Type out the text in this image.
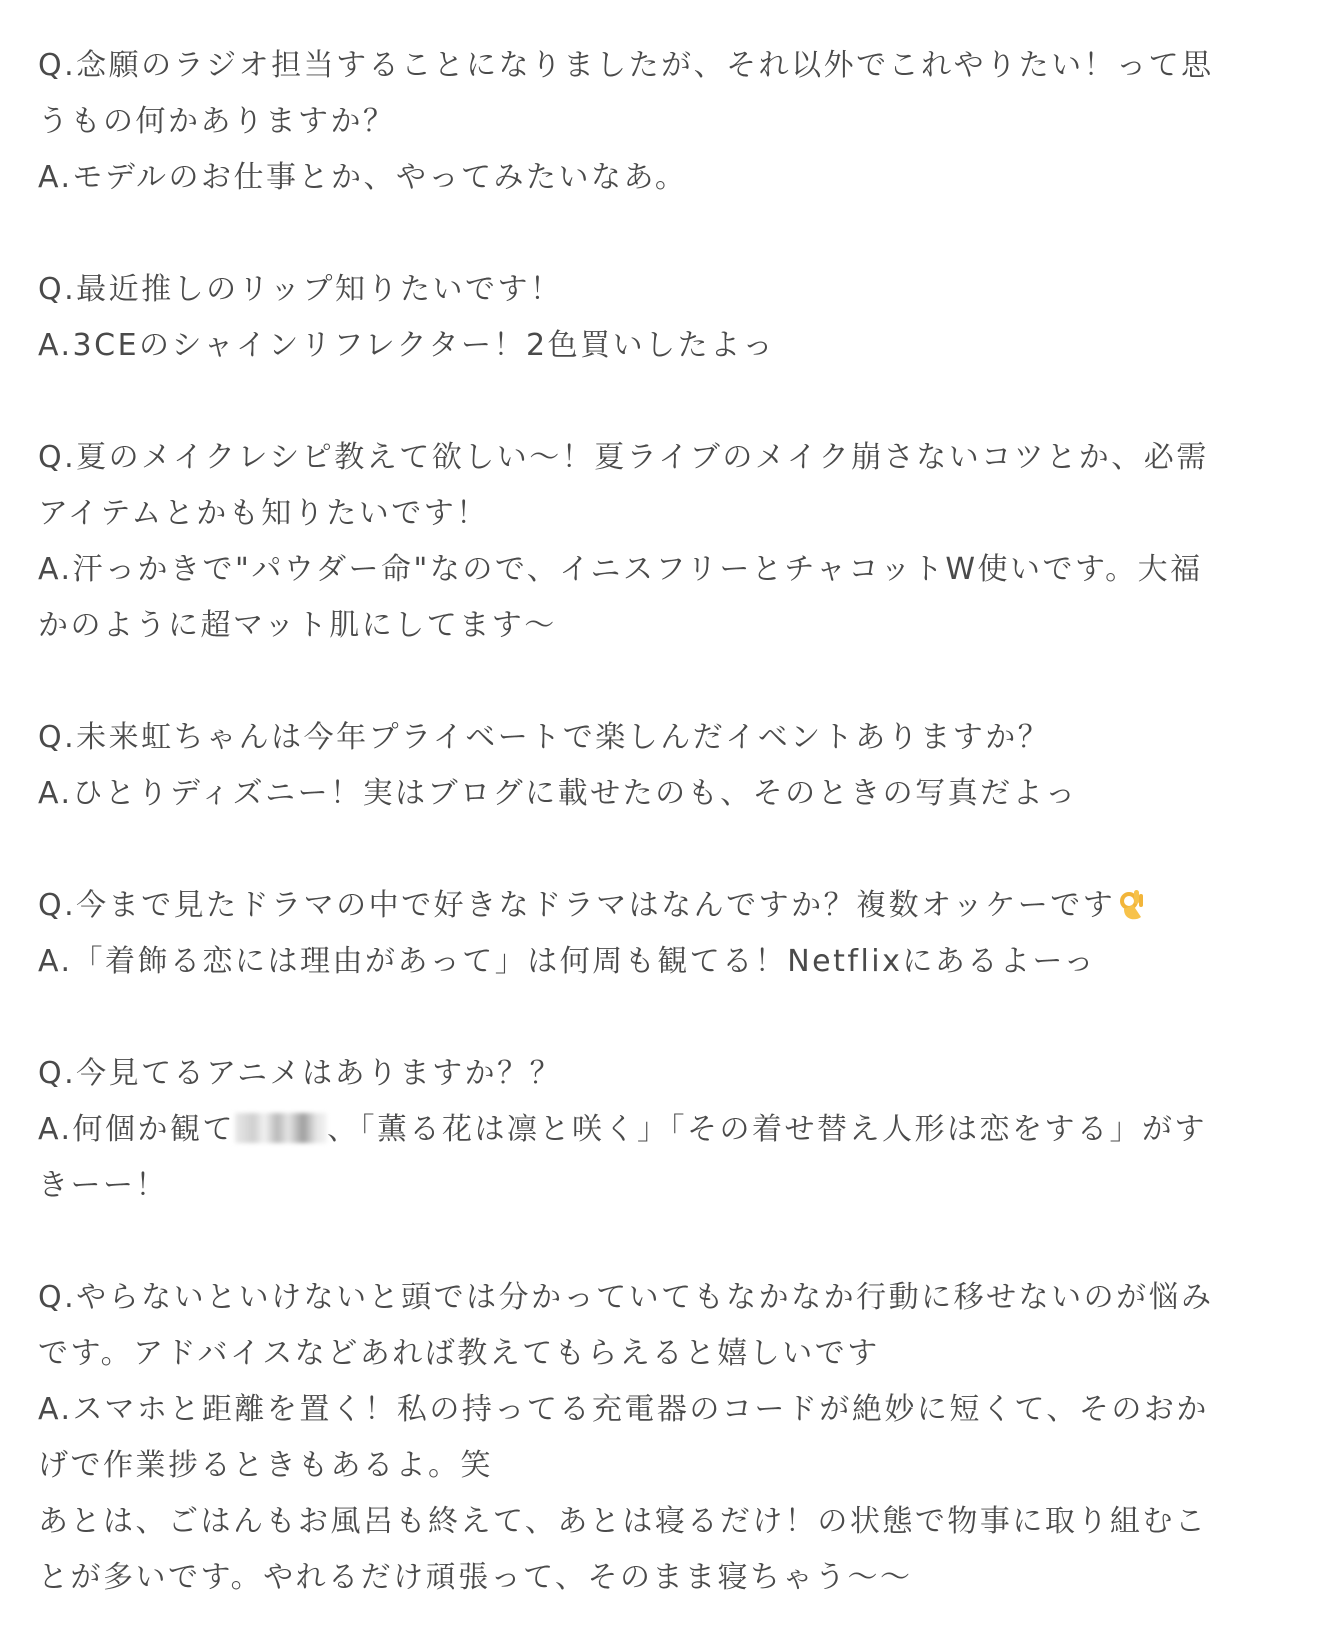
Q.念願のラジオ担当することになりましたが、それ以外でこれやりたい！って思
うもの何かありますか？
A.モデルのお仕事とか、やってみたいなあ。
Q.最近推しのリップ知りたいです！
A.3CEのシャインリフレクター！2色買いしたよっ
Q.夏のメイクレシピ教えて欲しい〜！夏ライブのメイク崩さないコツとか、必需
アイテムとかも知りたいです！
A.汗っかきで"パウダー命"なので、イニスフリーとチャコットW使いです。大福
かのように超マット肌にしてます〜
Q.未来虹ちゃんは今年プライベートで楽しんだイベントありますか？
A.ひとりディズニー！実はブログに載せたのも、そのときの写真だよっ
Q.今まで見たドラマの中で好きなドラマはなんですか？複数オッケーです
A.「着飾る恋には理由があって」は何周も観てる！Netflixにあるよーっ
Q.今見てるアニメはありますか？？
A.何個か観て	、「薫る花は凛と咲く」「その着せ替え人形は恋をする」がす
きーー！
Q.やらないといけないと頭では分かっていてもなかなか行動に移せないのが悩み
です。アドバイスなどあれば教えてもらえると嬉しいです
A.スマホと距離を置く！私の持ってる充電器のコードが絶妙に短くて、そのおか
げで作業捗るときもあるよ。笑
あとは、ごはんもお風呂も終えて、あとは寝るだけ！の状態で物事に取り組むこ
とが多いです。やれるだけ頑張って、そのまま寝ちゃう〜〜
